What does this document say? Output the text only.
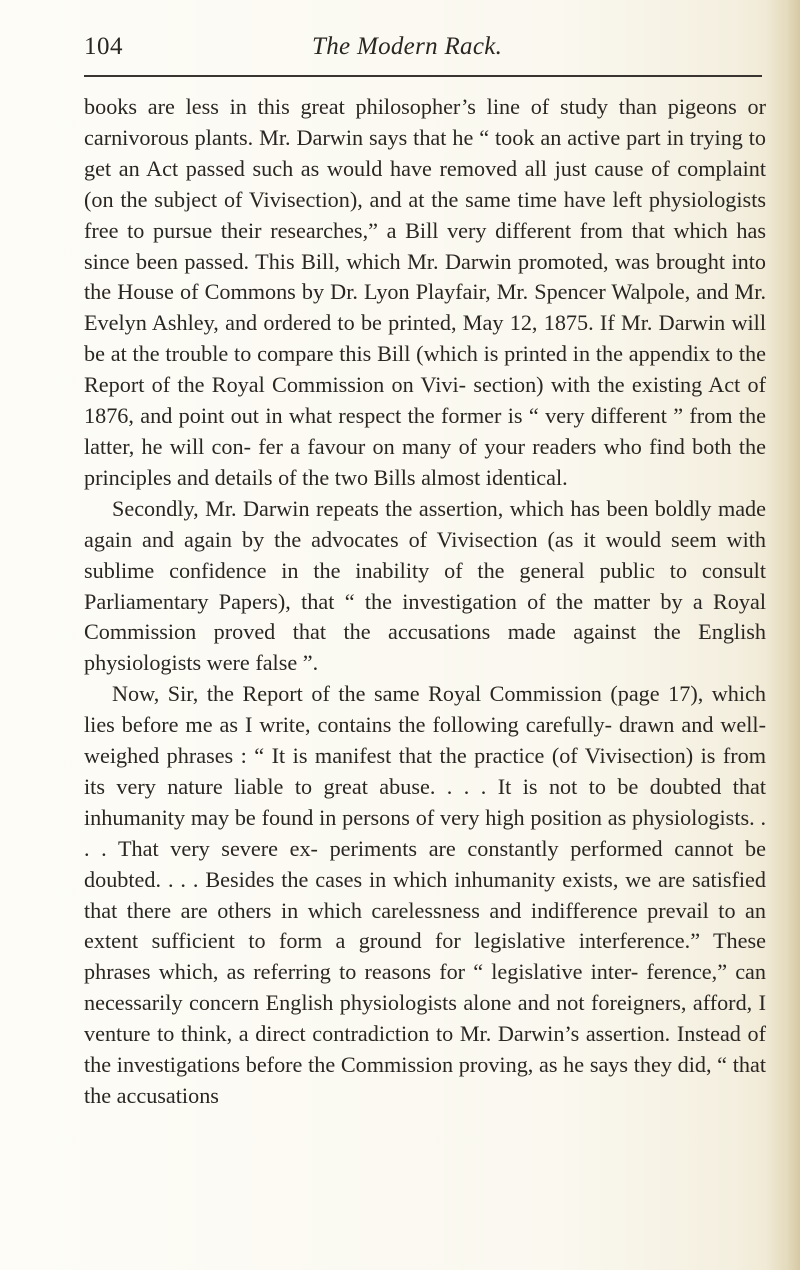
104	The Modern Rack.

books are less in this great philosopher’s line of study than pigeons or carnivorous plants. Mr. Darwin says that he “ took an active part in trying to get an Act passed such as would have removed all just cause of complaint (on the subject of Vivisection), and at the same time have left physiologists free to pursue their researches,” a Bill very different from that which has since been passed. This Bill, which Mr. Darwin promoted, was brought into the House of Commons by Dr. Lyon Playfair, Mr. Spencer Walpole, and Mr. Evelyn Ashley, and ordered to be printed, May 12, 1875. If Mr. Darwin will be at the trouble to compare this Bill (which is printed in the appendix to the Report of the Royal Commission on Vivi- section) with the existing Act of 1876, and point out in what respect the former is “ very different ” from the latter, he will con- fer a favour on many of your readers who find both the principles and details of the two Bills almost identical.

Secondly, Mr. Darwin repeats the assertion, which has been boldly made again and again by the advocates of Vivisection (as it would seem with sublime confidence in the inability of the general public to consult Parliamentary Papers), that “ the investigation of the matter by a Royal Commission proved that the accusations made against the English physiologists were false ”.

Now, Sir, the Report of the same Royal Commission (page 17), which lies before me as I write, contains the following carefully- drawn and well-weighed phrases : “ It is manifest that the practice (of Vivisection) is from its very nature liable to great abuse. . . . It is not to be doubted that inhumanity may be found in persons of very high position as physiologists. . . . That very severe ex- periments are constantly performed cannot be doubted. . . . Besides the cases in which inhumanity exists, we are satisfied that there are others in which carelessness and indifference prevail to an extent sufficient to form a ground for legislative interference.” These phrases which, as referring to reasons for “ legislative inter- ference,” can necessarily concern English physiologists alone and not foreigners, afford, I venture to think, a direct contradiction to Mr. Darwin’s assertion. Instead of the investigations before the Commission proving, as he says they did, “ that the accusations
